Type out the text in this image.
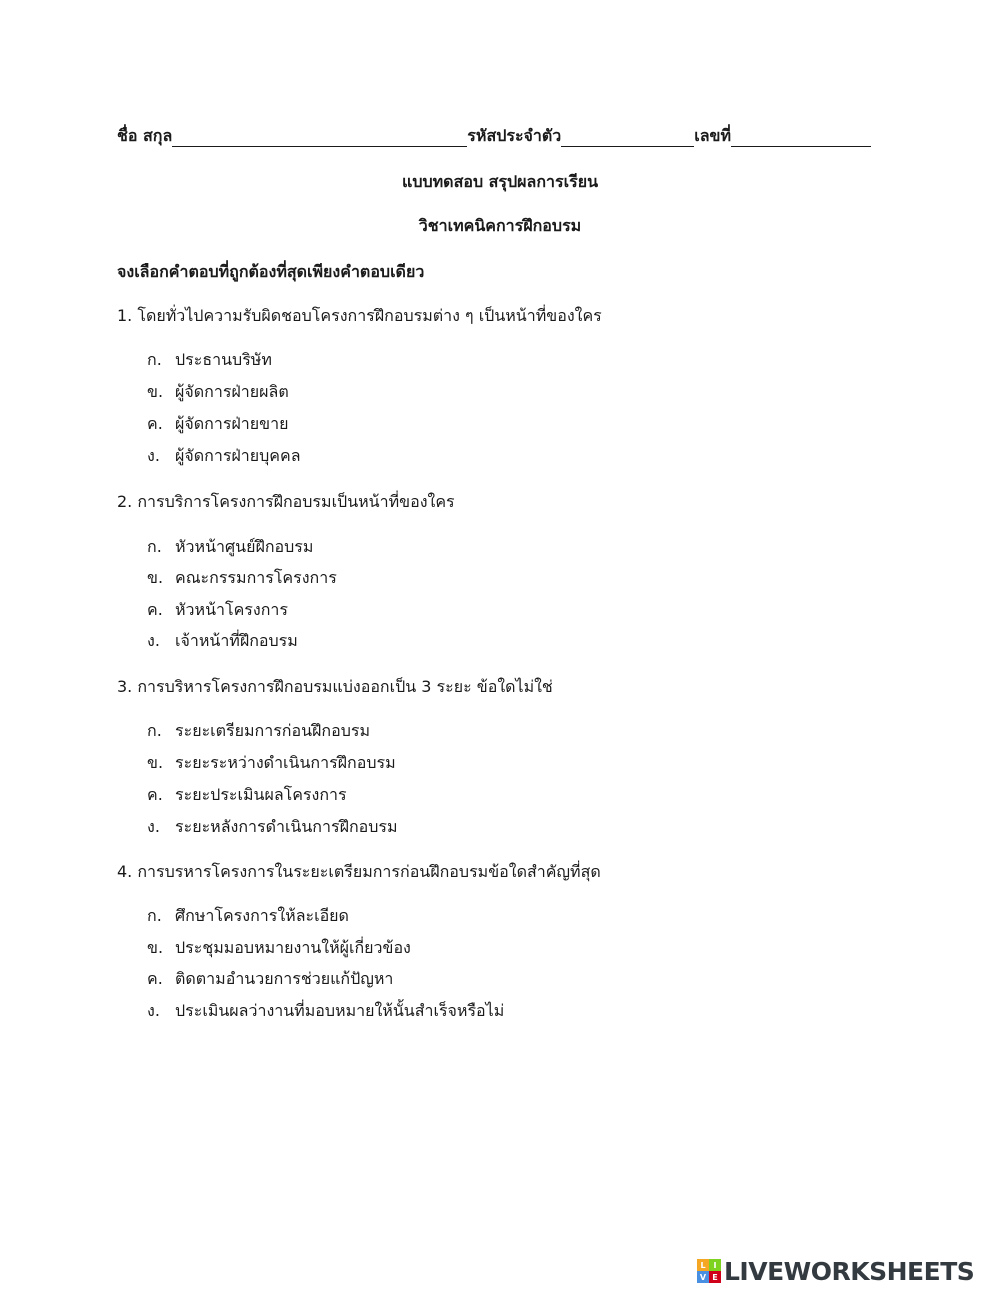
ชื่อ สกุล	รหัสประจำตัว	เลขที่
แบบทดสอบ สรุปผลการเรียน
วิชาเทคนิคการฝึกอบรม
จงเลือกคำตอบที่ถูกต้องที่สุดเพียงคำตอบเดียว
1. โดยทั่วไปความรับผิดชอบโครงการฝึกอบรมต่าง ๆ เป็นหน้าที่ของใคร
ก. ประธานบริษัท
ข. ผู้จัดการฝ่ายผลิต
ค. ผู้จัดการฝ่ายขาย
ง. ผู้จัดการฝ่ายบุคคล
2. การบริการโครงการฝึกอบรมเป็นหน้าที่ของใคร
ก. หัวหน้าศูนย์ฝึกอบรม
ข. คณะกรรมการโครงการ
ค. หัวหน้าโครงการ
ง. เจ้าหน้าที่ฝึกอบรม
3. การบริหารโครงการฝึกอบรมแบ่งออกเป็น 3 ระยะ ข้อใดไม่ใช่
ก. ระยะเตรียมการก่อนฝึกอบรม
ข. ระยะระหว่างดำเนินการฝึกอบรม
ค. ระยะประเมินผลโครงการ
ง. ระยะหลังการดำเนินการฝึกอบรม
4. การบรหารโครงการในระยะเตรียมการก่อนฝึกอบรมข้อใดสำคัญที่สุด
ก. ศึกษาโครงการให้ละเอียด
ข. ประชุมมอบหมายงานให้ผู้เกี่ยวข้อง
ค. ติดตามอำนวยการช่วยแก้ปัญหา
ง. ประเมินผลว่างานที่มอบหมายให้นั้นสำเร็จหรือไม่
L I
V E LIVEWORKSHEETS
